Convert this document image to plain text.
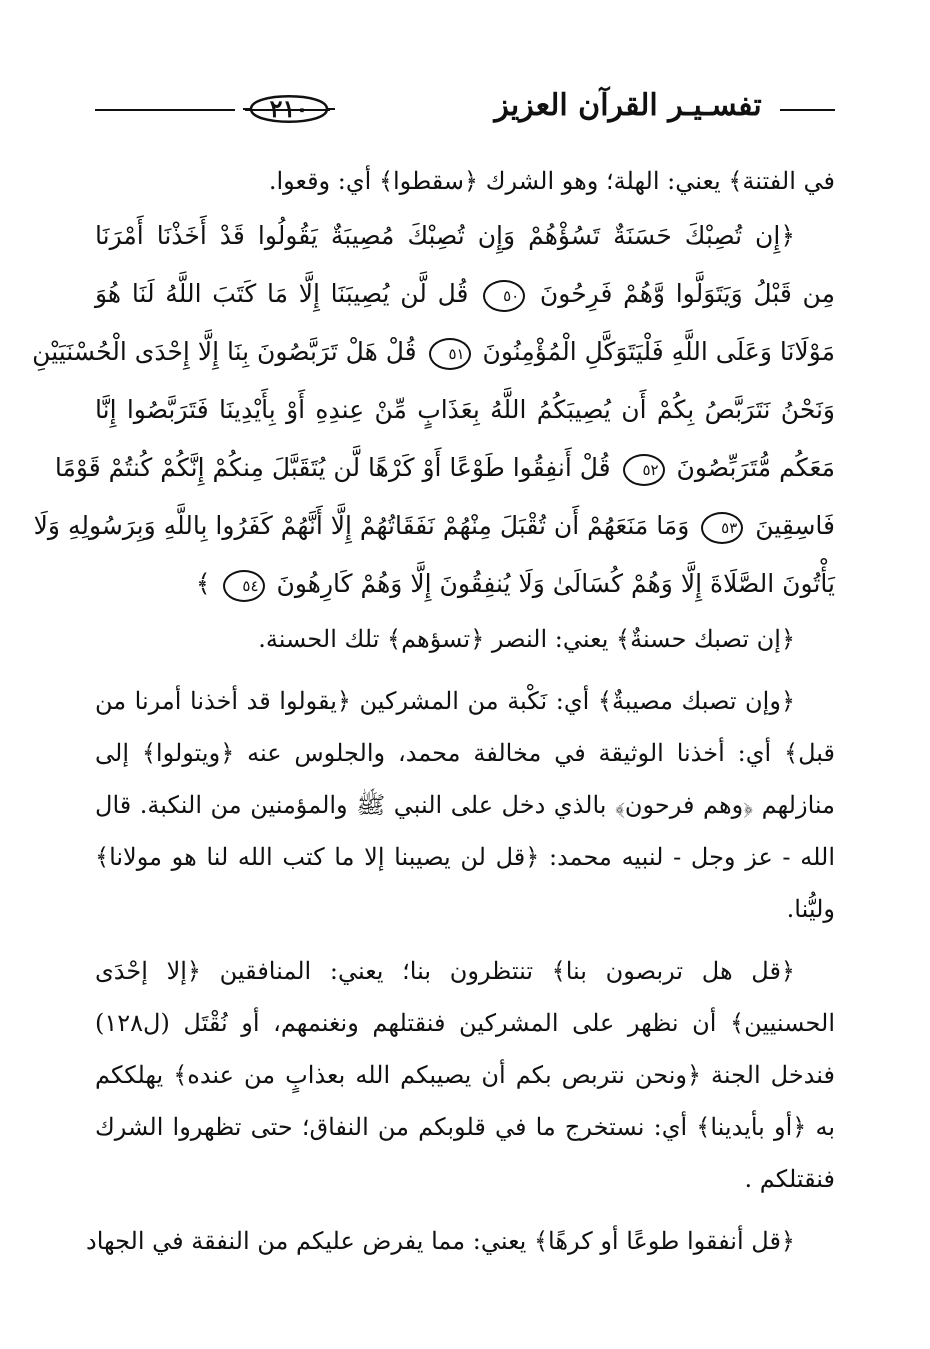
تفسـيـر القرآن العزيز
٢١٠
في الفتنة﴾ يعني: الهلة؛ وهو الشرك ﴿سقطوا﴾ أي: وقعوا.
﴿إِن تُصِبْكَ حَسَنَةٌ تَسُؤْهُمْ وَإِن تُصِبْكَ مُصِيبَةٌ يَقُولُوا قَدْ أَخَذْنَا أَمْرَنَا
مِن قَبْلُ وَيَتَوَلَّوا وَّهُمْ فَرِحُونَ ٥٠ قُل لَّن يُصِيبَنَا إِلَّا مَا كَتَبَ اللَّهُ لَنَا هُوَ
مَوْلَانَا وَعَلَى اللَّهِ فَلْيَتَوَكَّلِ الْمُؤْمِنُونَ ٥١ قُلْ هَلْ تَرَبَّصُونَ بِنَا إِلَّا إِحْدَى الْحُسْنَيَيْنِ
وَنَحْنُ نَتَرَبَّصُ بِكُمْ أَن يُصِيبَكُمُ اللَّهُ بِعَذَابٍ مِّنْ عِندِهِ أَوْ بِأَيْدِينَا فَتَرَبَّصُوا إِنَّا
مَعَكُم مُّتَرَبِّصُونَ ٥٢ قُلْ أَنفِقُوا طَوْعًا أَوْ كَرْهًا لَّن يُتَقَبَّلَ مِنكُمْ إِنَّكُمْ كُنتُمْ قَوْمًا
فَاسِقِينَ ٥٣ وَمَا مَنَعَهُمْ أَن تُقْبَلَ مِنْهُمْ نَفَقَاتُهُمْ إِلَّا أَنَّهُمْ كَفَرُوا بِاللَّهِ وَبِرَسُولِهِ وَلَا
يَأْتُونَ الصَّلَاةَ إِلَّا وَهُمْ كُسَالَىٰ وَلَا يُنفِقُونَ إِلَّا وَهُمْ كَارِهُونَ ٥٤ ﴾
﴿إن تصبك حسنةٌ﴾ يعني: النصر ﴿تسؤهم﴾ تلك الحسنة.
﴿وإن تصبك مصيبةٌ﴾ أي: نَكْبة من المشركين ﴿يقولوا قد أخذنا أمرنا من
قبل﴾ أي: أخذنا الوثيقة في مخالفة محمد، والجلوس عنه ﴿ويتولوا﴾ إلى
منازلهم ﴿وهم فرحون﴾ بالذي دخل على النبي ﷺ والمؤمنين من النكبة. قال
الله - عز وجل - لنبيه محمد: ﴿قل لن يصيبنا إلا ما كتب الله لنا هو مولانا﴾
وليُّنا.
﴿قل هل تربصون بنا﴾ تنتظرون بنا؛ يعني: المنافقين ﴿إلا إحْدَى
الحسنيين﴾ أن نظهر على المشركين فنقتلهم ونغنمهم، أو نُقْتَل (ل١٢٨)
فندخل الجنة ﴿ونحن نتربص بكم أن يصيبكم الله بعذابٍ من عنده﴾ يهلككم
به ﴿أو بأيدينا﴾ أي: نستخرج ما في قلوبكم من النفاق؛ حتى تظهروا الشرك
فنقتلكم .
﴿قل أنفقوا طوعًا أو كرهًا﴾ يعني: مما يفرض عليكم من النفقة في الجهاد
